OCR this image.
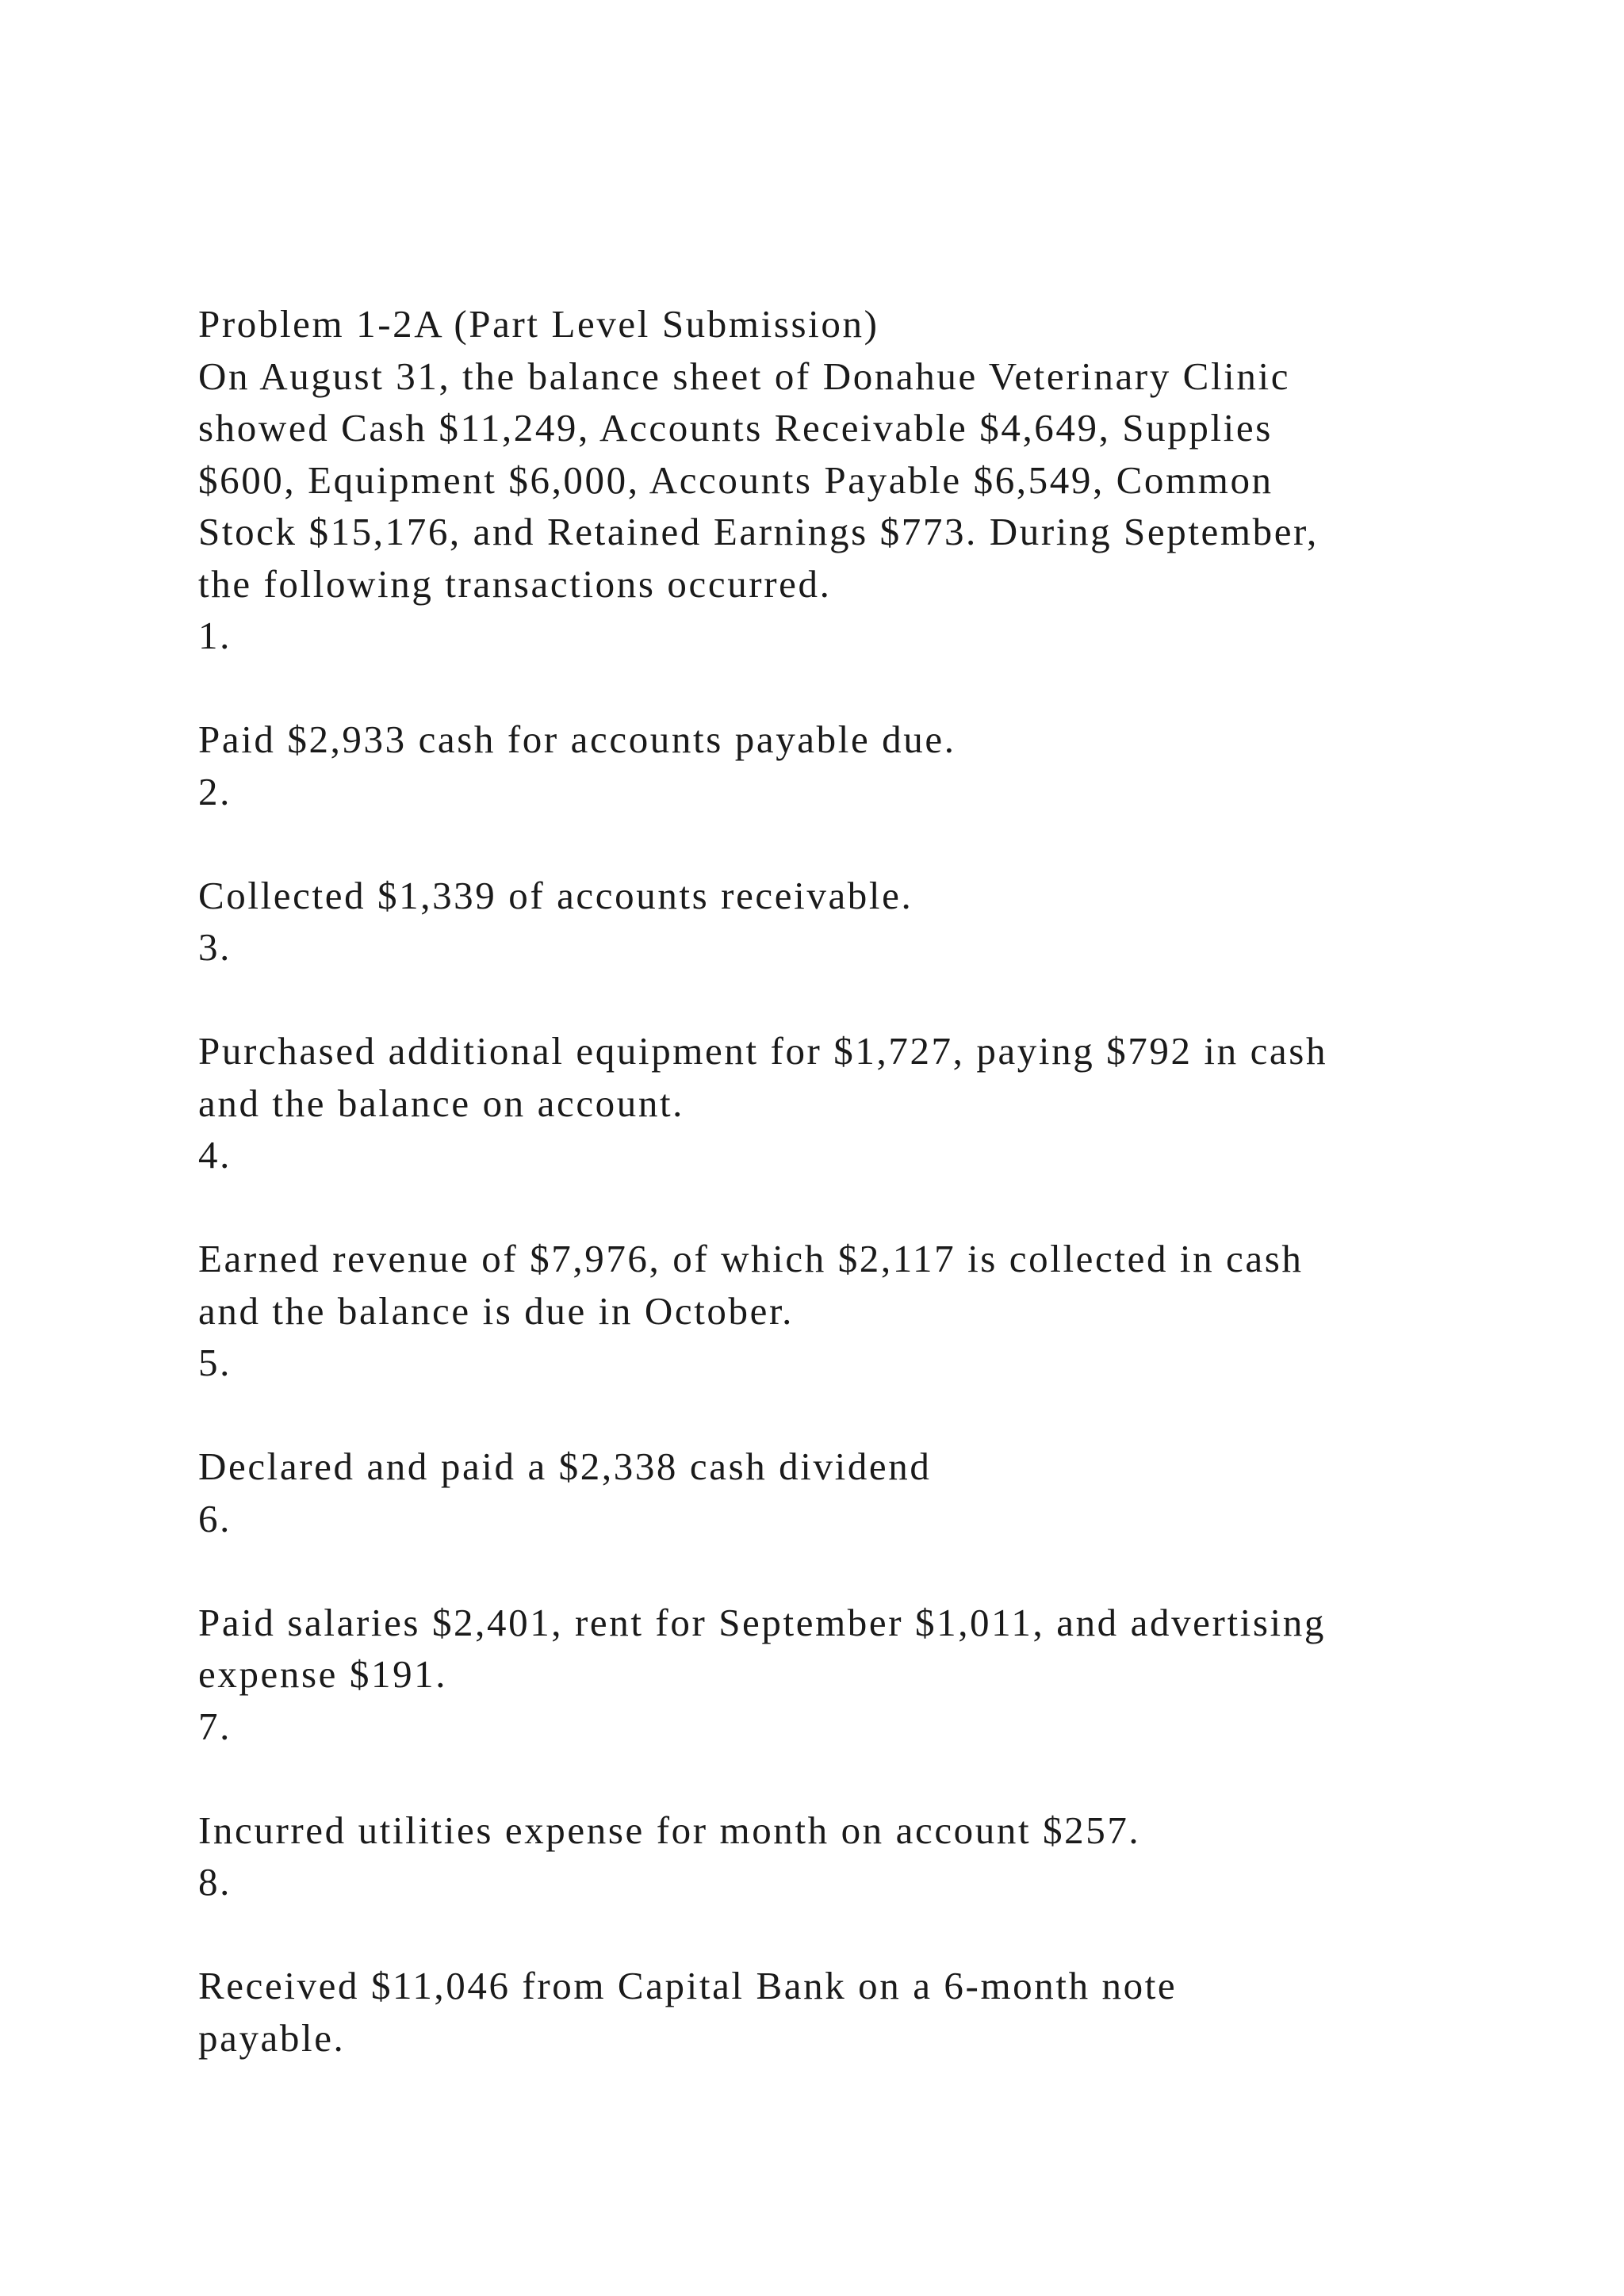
Problem 1-2A (Part Level Submission)
On August 31, the balance sheet of Donahue Veterinary Clinic
showed Cash $11,249, Accounts Receivable $4,649, Supplies
$600, Equipment $6,000, Accounts Payable $6,549, Common
Stock $15,176, and Retained Earnings $773. During September,
the following transactions occurred.
1.
Paid $2,933 cash for accounts payable due.
2.
Collected $1,339 of accounts receivable.
3.
Purchased additional equipment for $1,727, paying $792 in cash
and the balance on account.
4.
Earned revenue of $7,976, of which $2,117 is collected in cash
and the balance is due in October.
5.
Declared and paid a $2,338 cash dividend
6.
Paid salaries $2,401, rent for September $1,011, and advertising
expense $191.
7.
Incurred utilities expense for month on account $257.
8.
Received $11,046 from Capital Bank on a 6-month note
payable.
